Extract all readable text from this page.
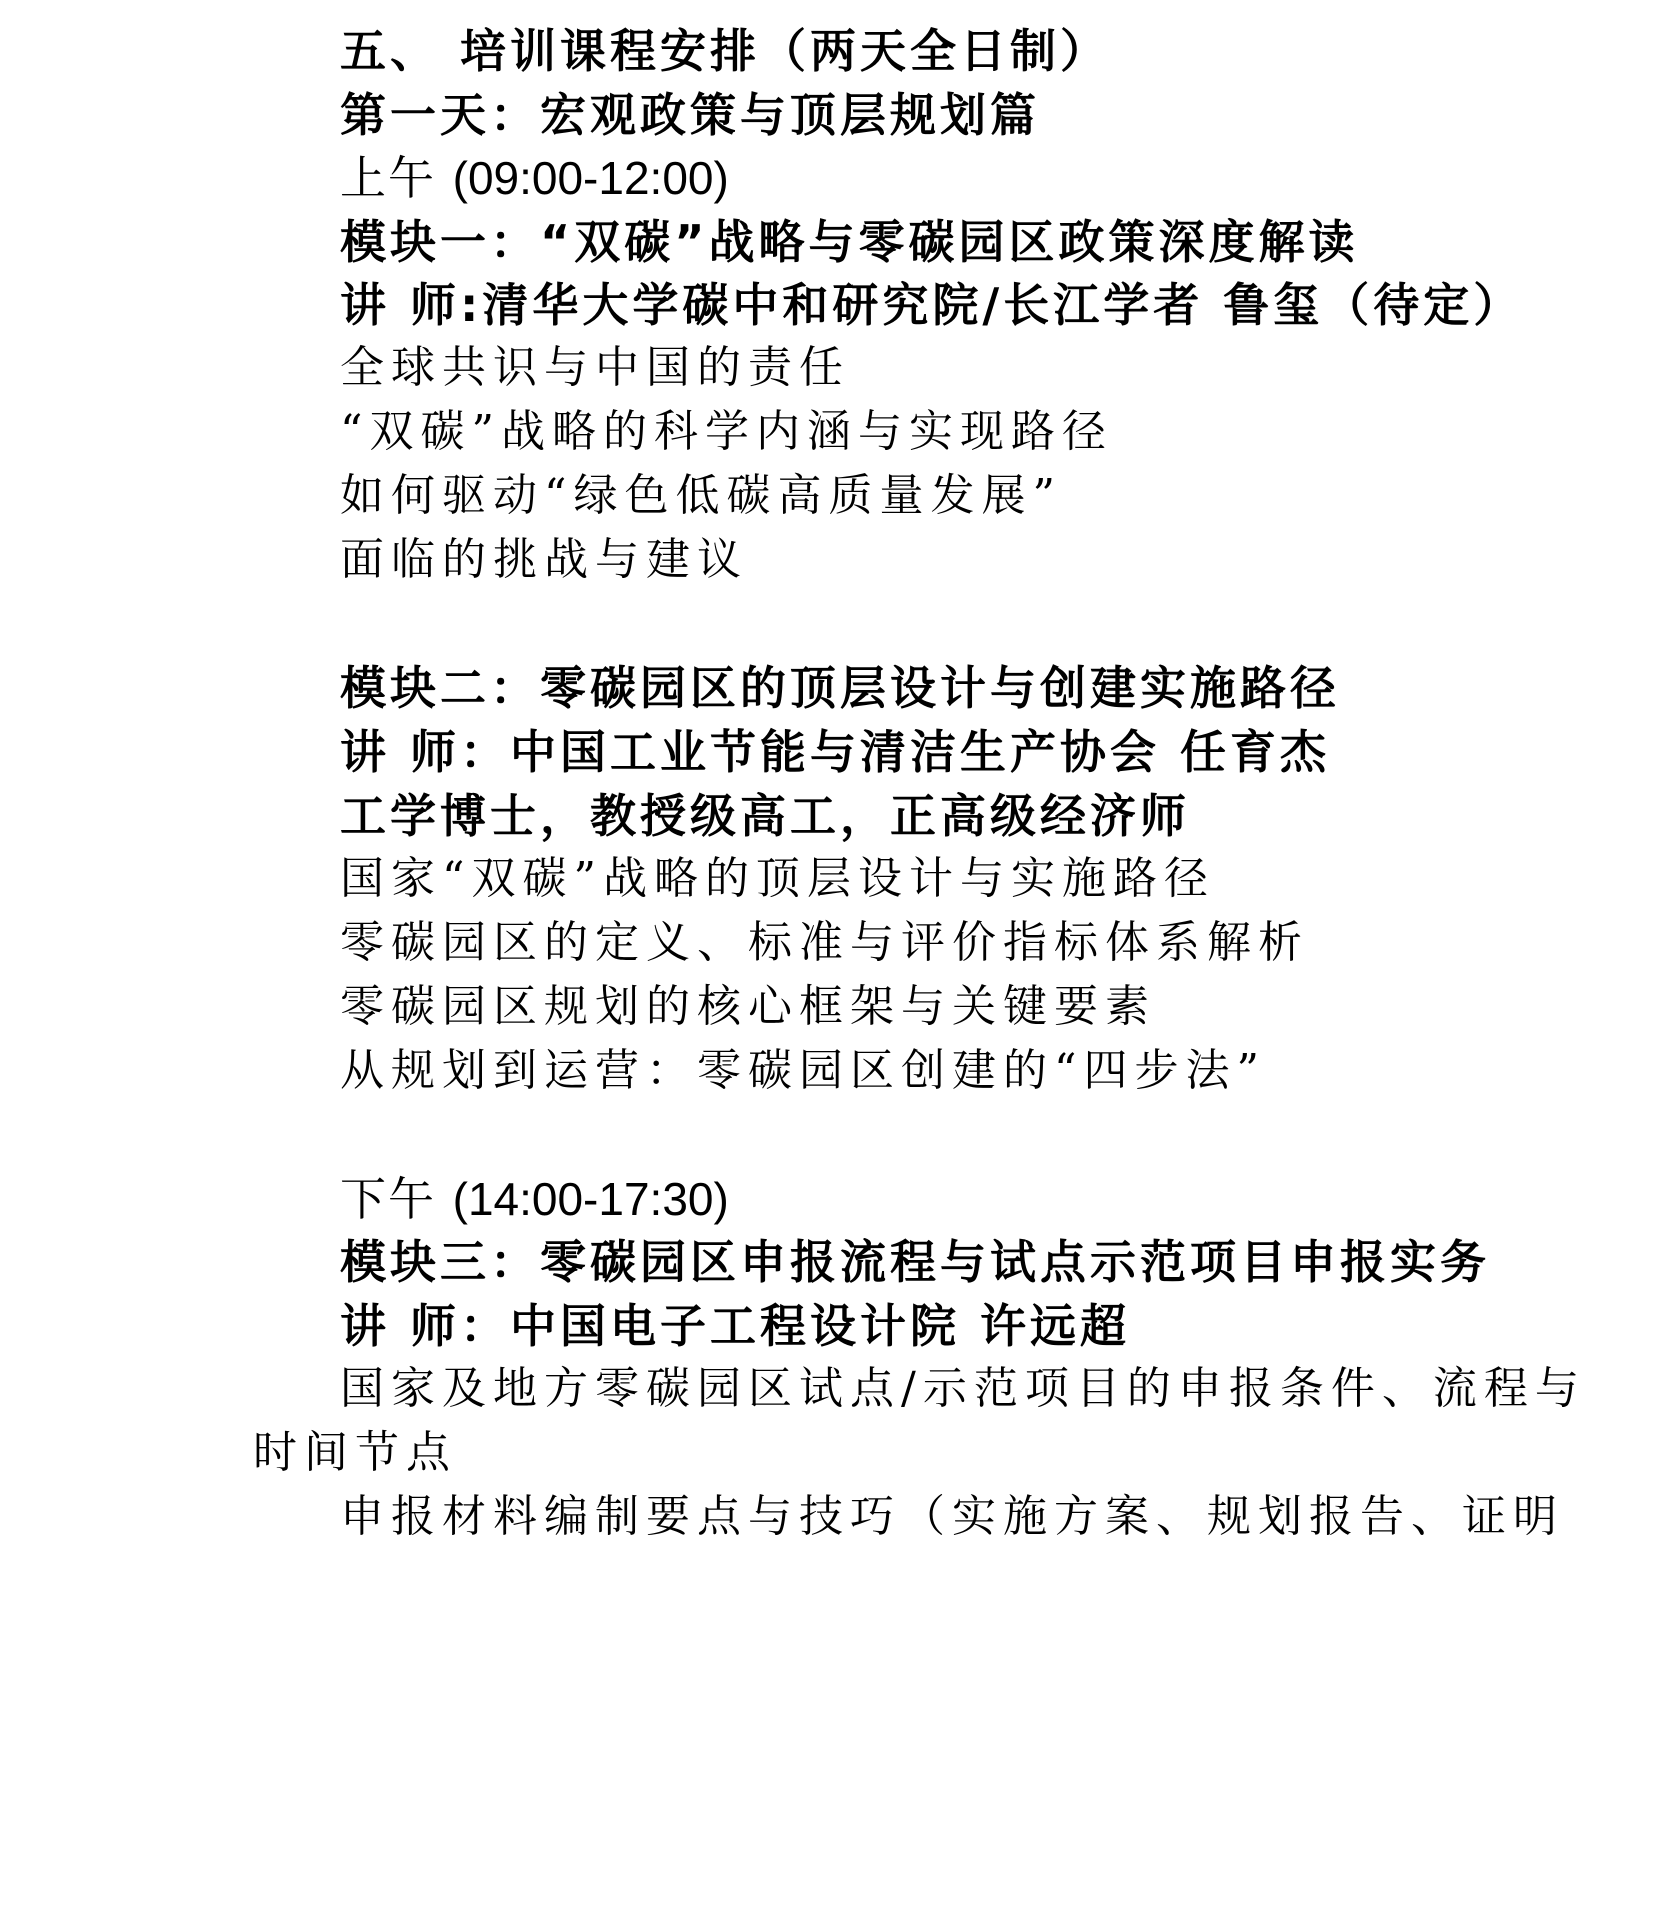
五、 培训课程安排（两天全日制）
第一天：宏观政策与顶层规划篇
上午 (09:00-12:00)
模块一：“双碳”战略与零碳园区政策深度解读
讲 师:清华大学碳中和研究院/长江学者 鲁玺（待定）
全球共识与中国的责任
“双碳”战略的科学内涵与实现路径
如何驱动“绿色低碳高质量发展”
面临的挑战与建议
模块二：零碳园区的顶层设计与创建实施路径
讲 师：中国工业节能与清洁生产协会 任育杰
工学博士，教授级高工，正高级经济师
国家“双碳”战略的顶层设计与实施路径
零碳园区的定义、标准与评价指标体系解析
零碳园区规划的核心框架与关键要素
从规划到运营：零碳园区创建的“四步法”
下午 (14:00-17:30)
模块三：零碳园区申报流程与试点示范项目申报实务
讲 师：中国电子工程设计院 许远超
国家及地方零碳园区试点/示范项目的申报条件、流程与
时间节点
申报材料编制要点与技巧（实施方案、规划报告、证明
